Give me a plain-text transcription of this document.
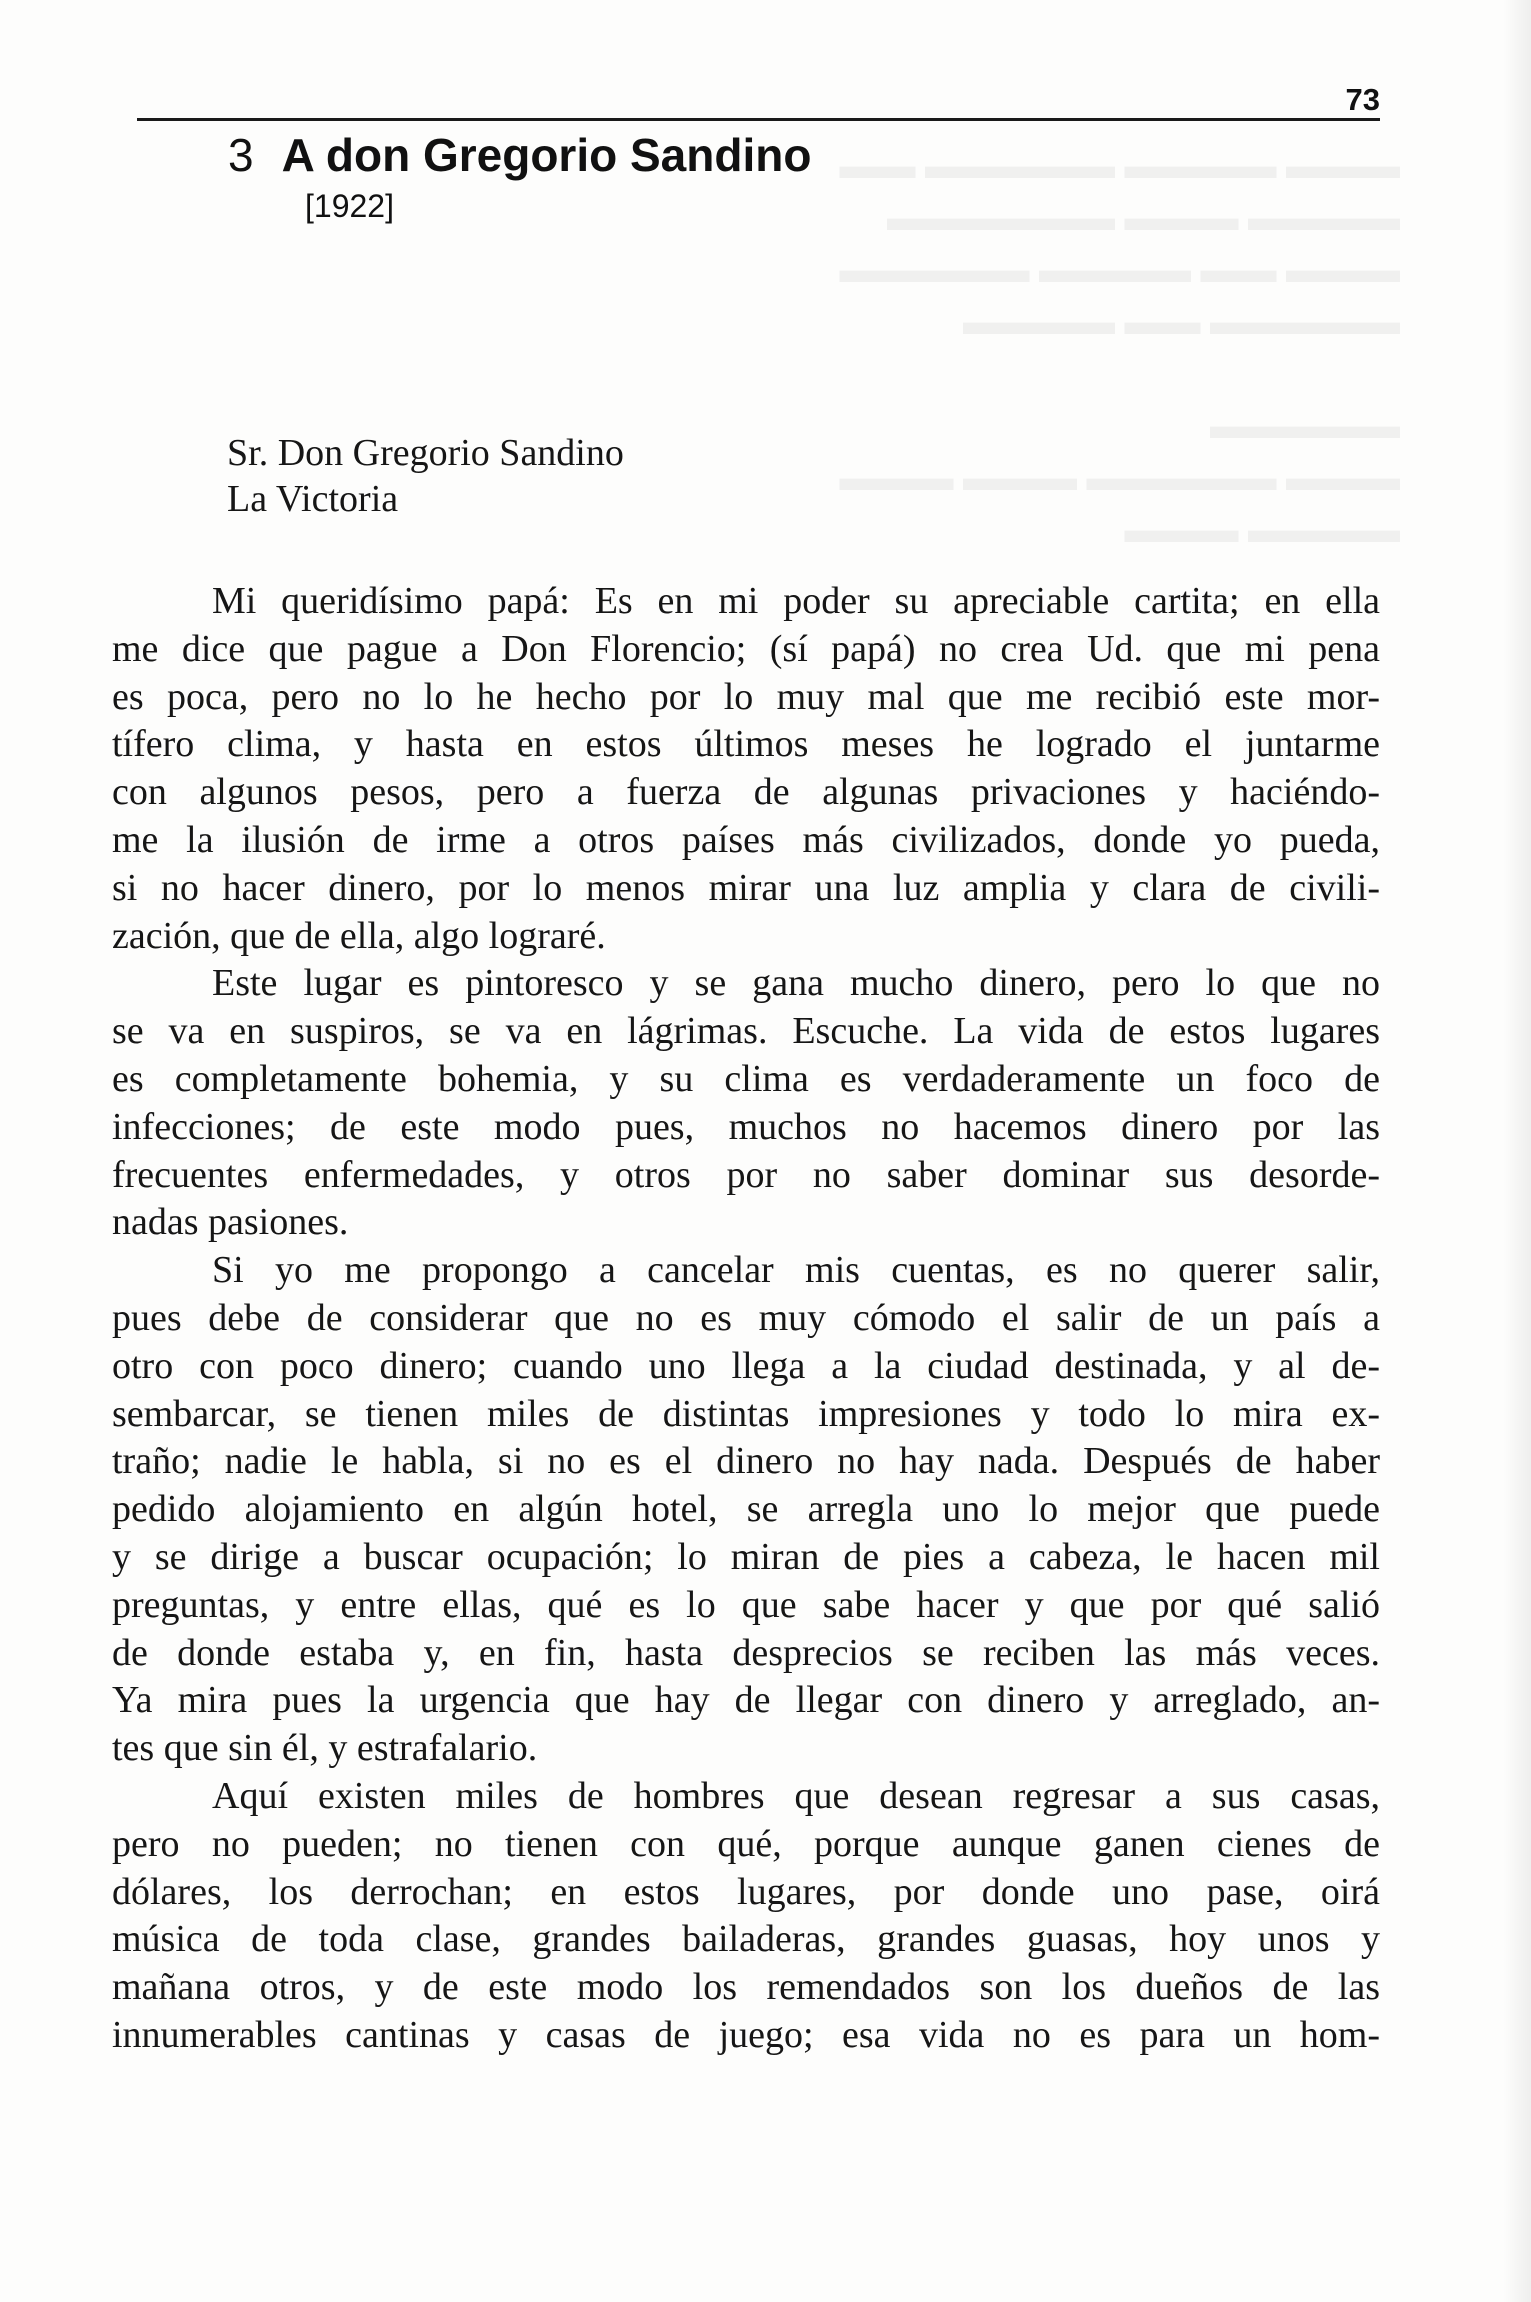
▬▬▬ ▬▬▬▬ ▬▬▬▬▬ ▬▬
▬▬▬▬ ▬▬▬ ▬▬▬▬▬▬
▬▬▬ ▬▬ ▬▬▬▬ ▬▬▬▬▬
▬▬▬▬▬ ▬▬ ▬▬▬▬

▬▬▬▬▬
▬▬▬ ▬▬▬▬▬ ▬▬▬ ▬▬▬
▬▬▬▬ ▬▬▬
73
3 A don Gregorio Sandino
[1922]
Sr. Don Gregorio Sandino
La Victoria
Mi queridísimo papá: Es en mi poder su apreciable cartita; en ella
me dice que pague a Don Florencio; (sí papá) no crea Ud. que mi pena
es poca, pero no lo he hecho por lo muy mal que me recibió este mor-
tífero clima, y hasta en estos últimos meses he logrado el juntarme
con algunos pesos, pero a fuerza de algunas privaciones y haciéndo-
me la ilusión de irme a otros países más civilizados, donde yo pueda,
si no hacer dinero, por lo menos mirar una luz amplia y clara de civili-
zación, que de ella, algo lograré.
Este lugar es pintoresco y se gana mucho dinero, pero lo que no
se va en suspiros, se va en lágrimas. Escuche. La vida de estos lugares
es completamente bohemia, y su clima es verdaderamente un foco de
infecciones; de este modo pues, muchos no hacemos dinero por las
frecuentes enfermedades, y otros por no saber dominar sus desorde-
nadas pasiones.
Si yo me propongo a cancelar mis cuentas, es no querer salir,
pues debe de considerar que no es muy cómodo el salir de un país a
otro con poco dinero; cuando uno llega a la ciudad destinada, y al de-
sembarcar, se tienen miles de distintas impresiones y todo lo mira ex-
traño; nadie le habla, si no es el dinero no hay nada. Después de haber
pedido alojamiento en algún hotel, se arregla uno lo mejor que puede
y se dirige a buscar ocupación; lo miran de pies a cabeza, le hacen mil
preguntas, y entre ellas, qué es lo que sabe hacer y que por qué salió
de donde estaba y, en fin, hasta desprecios se reciben las más veces.
Ya mira pues la urgencia que hay de llegar con dinero y arreglado, an-
tes que sin él, y estrafalario.
Aquí existen miles de hombres que desean regresar a sus casas,
pero no pueden; no tienen con qué, porque aunque ganen cienes de
dólares, los derrochan; en estos lugares, por donde uno pase, oirá
música de toda clase, grandes bailaderas, grandes guasas, hoy unos y
mañana otros, y de este modo los remendados son los dueños de las
innumerables cantinas y casas de juego; esa vida no es para un hom-
